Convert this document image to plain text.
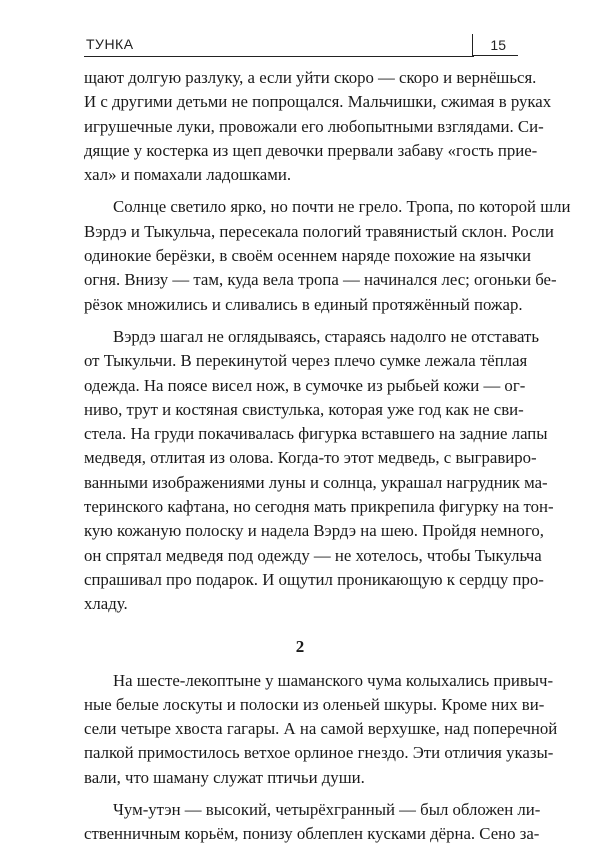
ТУНКА	15
щают долгую разлуку, а если уйти скоро — скоро и вернёшься.
И с другими детьми не попрощался. Мальчишки, сжимая в руках
игрушечные луки, провожали его любопытными взглядами. Си-
дящие у костерка из щеп девочки прервали забаву «гость прие-
хал» и помахали ладошками.
Солнце светило ярко, но почти не грело. Тропа, по которой шли
Вэрдэ и Тыкульча, пересекала пологий травянистый склон. Росли
одинокие берёзки, в своём осеннем наряде похожие на язычки
огня. Внизу — там, куда вела тропа — начинался лес; огоньки бе-
рёзок множились и сливались в единый протяжённый пожар.
Вэрдэ шагал не оглядываясь, стараясь надолго не отставать
от Тыкульчи. В перекинутой через плечо сумке лежала тёплая
одежда. На поясе висел нож, в сумочке из рыбьей кожи — ог-
ниво, трут и костяная свистулька, которая уже год как не сви-
стела. На груди покачивалась фигурка вставшего на задние лапы
медведя, отлитая из олова. Когда-то этот медведь, с выгравиро-
ванными изображениями луны и солнца, украшал нагрудник ма-
теринского кафтана, но сегодня мать прикрепила фигурку на тон-
кую кожаную полоску и надела Вэрдэ на шею. Пройдя немного,
он спрятал медведя под одежду — не хотелось, чтобы Тыкульча
спрашивал про подарок. И ощутил проникающую к сердцу про-
хладу.
2
На шесте-лекоптыне у шаманского чума колыхались привыч-
ные белые лоскуты и полоски из оленьей шкуры. Кроме них ви-
сели четыре хвоста гагары. А на самой верхушке, над поперечной
палкой примостилось ветхое орлиное гнездо. Эти отличия указы-
вали, что шаману служат птичьи души.
Чум-утэн — высокий, четырёхгранный — был обложен ли-
ственничным корьём, понизу облеплен кусками дёрна. Сено за-
